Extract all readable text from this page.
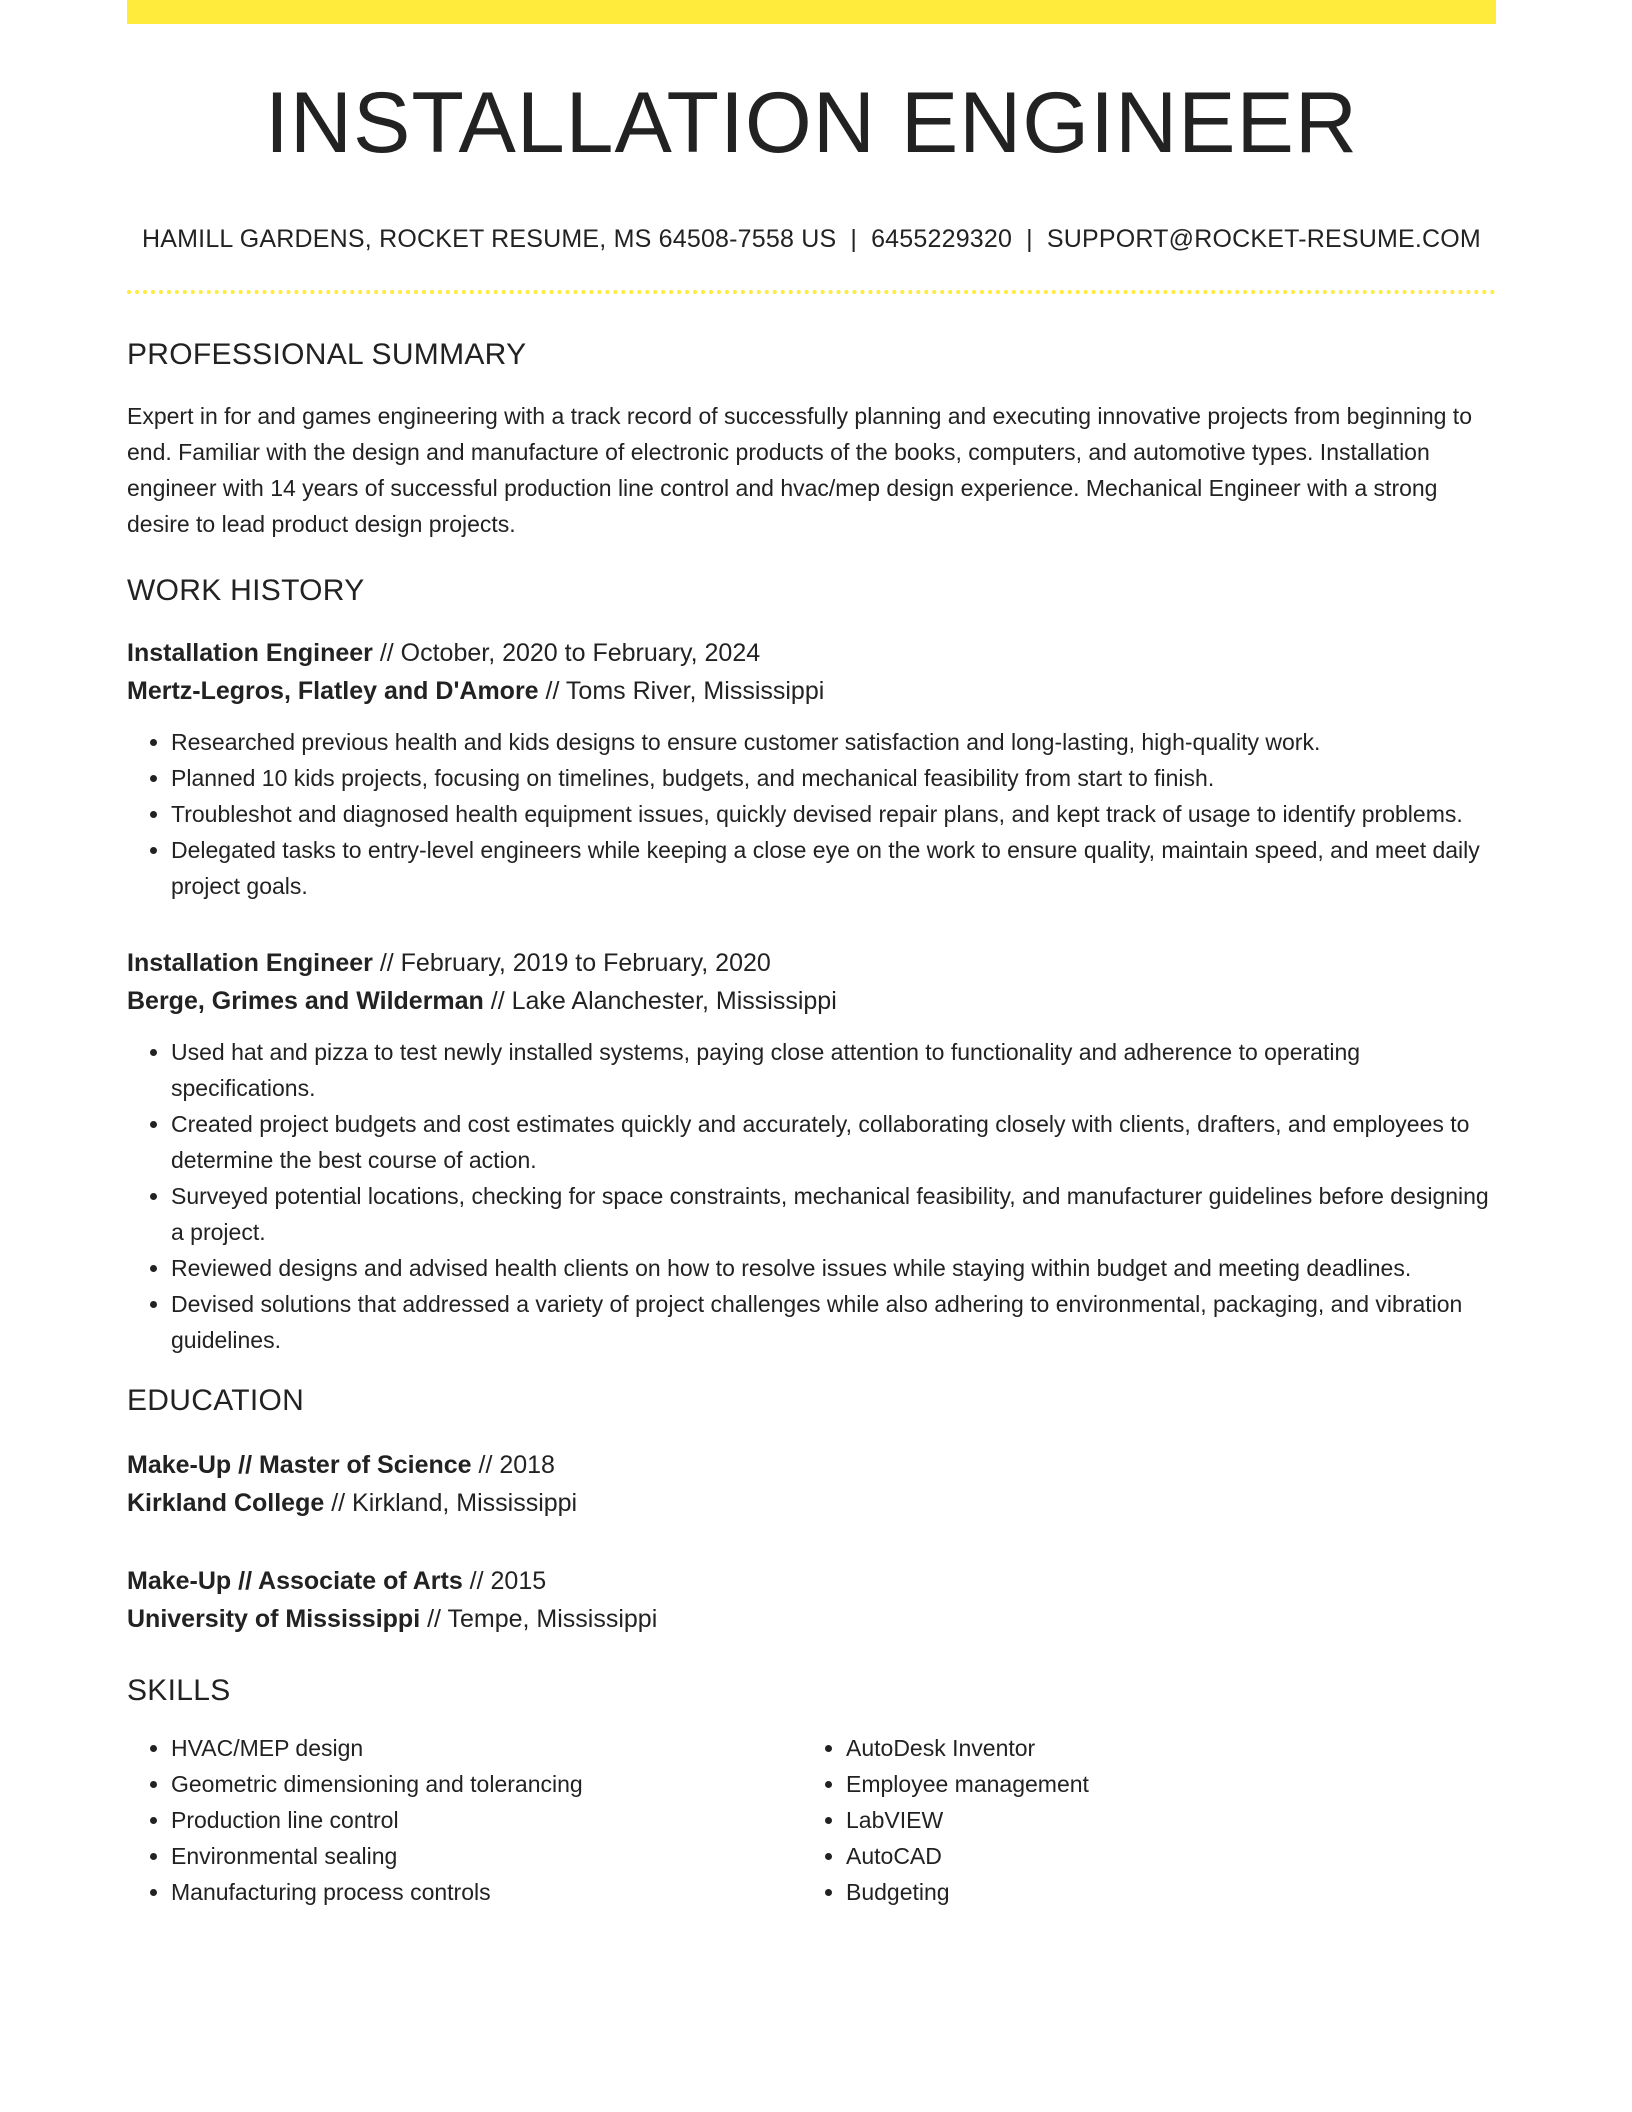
INSTALLATION ENGINEER
HAMILL GARDENS, ROCKET RESUME, MS 64508-7558 US | 6455229320 | SUPPORT@ROCKET-RESUME.COM
PROFESSIONAL SUMMARY

Expert in for and games engineering with a track record of successfully planning and executing innovative projects from beginning to end. Familiar with the design and manufacture of electronic products of the books, computers, and automotive types. Installation engineer with 14 years of successful production line control and hvac/mep design experience. Mechanical Engineer with a strong desire to lead product design projects.

WORK HISTORY
Installation Engineer // October, 2020 to February, 2024
Mertz-Legros, Flatley and D'Amore // Toms River, Mississippi
• Researched previous health and kids designs to ensure customer satisfaction and long-lasting, high-quality work.
• Planned 10 kids projects, focusing on timelines, budgets, and mechanical feasibility from start to finish.
• Troubleshot and diagnosed health equipment issues, quickly devised repair plans, and kept track of usage to identify problems.
• Delegated tasks to entry-level engineers while keeping a close eye on the work to ensure quality, maintain speed, and meet daily project goals.
Installation Engineer // February, 2019 to February, 2020
Berge, Grimes and Wilderman // Lake Alanchester, Mississippi
• Used hat and pizza to test newly installed systems, paying close attention to functionality and adherence to operating specifications.
• Created project budgets and cost estimates quickly and accurately, collaborating closely with clients, drafters, and employees to determine the best course of action.
• Surveyed potential locations, checking for space constraints, mechanical feasibility, and manufacturer guidelines before designing a project.
• Reviewed designs and advised health clients on how to resolve issues while staying within budget and meeting deadlines.
• Devised solutions that addressed a variety of project challenges while also adhering to environmental, packaging, and vibration guidelines.
EDUCATION
Make-Up // Master of Science // 2018
Kirkland College // Kirkland, Mississippi
Make-Up // Associate of Arts // 2015
University of Mississippi // Tempe, Mississippi
SKILLS
• HVAC/MEP design
• Geometric dimensioning and tolerancing
• Production line control
• Environmental sealing
• Manufacturing process controls
• AutoDesk Inventor
• Employee management
• LabVIEW
• AutoCAD
• Budgeting
